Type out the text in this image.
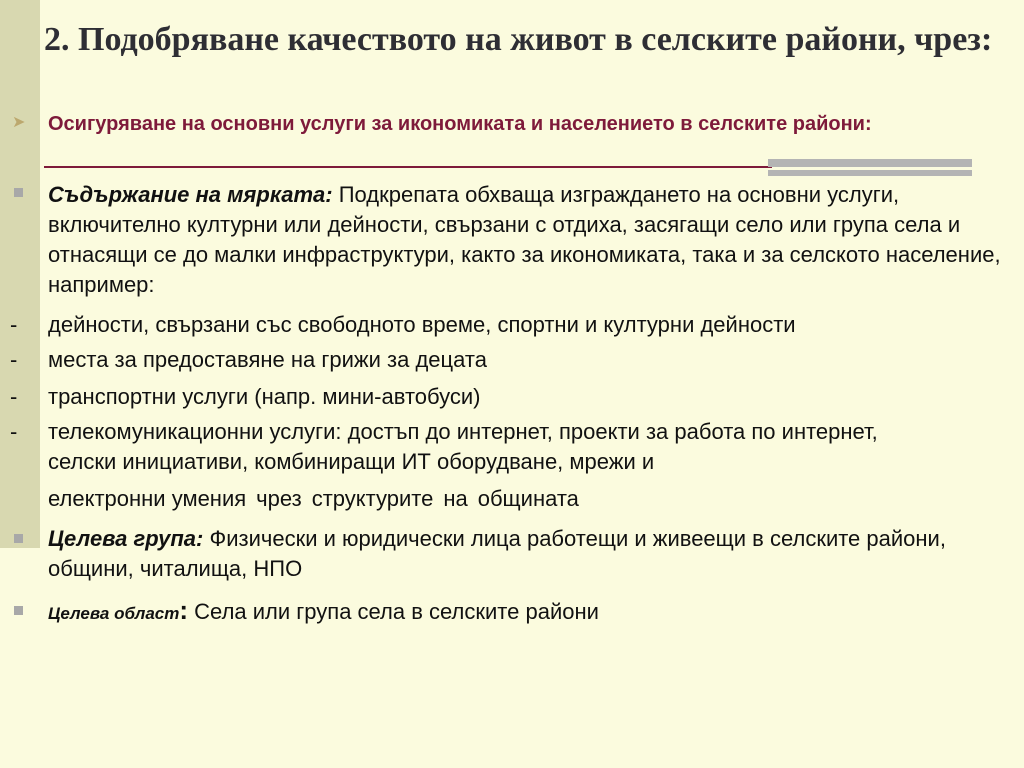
2. Подобряване качеството на живот в селските райони, чрез:
➤ Осигуряване на основни услуги за икономиката и населението в селските райони:
Съдържание на мярката: Подкрепата обхваща изграждането на основни услуги, включително културни или дейности, свързани с отдиха, засягащи село или група села и отнасящи се до малки инфраструктури, както за икономиката, така и за селското население, например:
- дейности, свързани със свободното време, спортни и културни дейности
- места за предоставяне на грижи за децата
- транспортни услуги (напр. мини-автобуси)
- телекомуникационни услуги: достъп до интернет, проекти за работа по интернет, селски инициативи, комбиниращи ИТ оборудване, мрежи и
електронни умения чрез структурите на общината
Целева група: Физически и юридически лица работещи и живеещи в селските райони, общини, читалища, НПО
Целева област: Села или група села в селските райони
